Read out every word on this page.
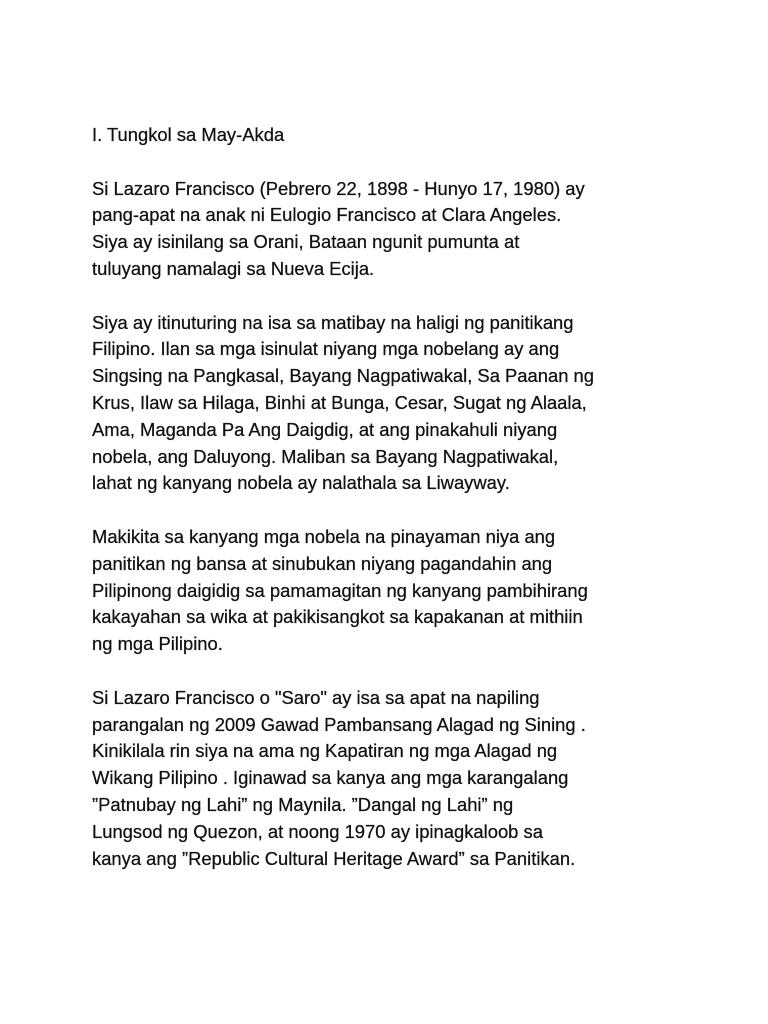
I. Tungkol sa May-Akda
Si Lazaro Francisco (Pebrero 22, 1898 - Hunyo 17, 1980) ay
pang-apat na anak ni Eulogio Francisco at Clara Angeles.
Siya ay isinilang sa Orani, Bataan ngunit pumunta at
tuluyang namalagi sa Nueva Ecija.
Siya ay itinuturing na isa sa matibay na haligi ng panitikang
Filipino. Ilan sa mga isinulat niyang mga nobelang ay ang
Singsing na Pangkasal, Bayang Nagpatiwakal, Sa Paanan ng
Krus, Ilaw sa Hilaga, Binhi at Bunga, Cesar, Sugat ng Alaala,
Ama, Maganda Pa Ang Daigdig, at ang pinakahuli niyang
nobela, ang Daluyong. Maliban sa Bayang Nagpatiwakal,
lahat ng kanyang nobela ay nalathala sa Liwayway.
Makikita sa kanyang mga nobela na pinayaman niya ang
panitikan ng bansa at sinubukan niyang pagandahin ang
Pilipinong daigidig sa pamamagitan ng kanyang pambihirang
kakayahan sa wika at pakikisangkot sa kapakanan at mithiin
ng mga Pilipino.
Si Lazaro Francisco o "Saro" ay isa sa apat na napiling
parangalan ng 2009 Gawad Pambansang Alagad ng Sining .
Kinikilala rin siya na ama ng Kapatiran ng mga Alagad ng
Wikang Pilipino . Iginawad sa kanya ang mga karangalang
”Patnubay ng Lahi” ng Maynila. ”Dangal ng Lahi” ng
Lungsod ng Quezon, at noong 1970 ay ipinagkaloob sa
kanya ang ”Republic Cultural Heritage Award” sa Panitikan.
